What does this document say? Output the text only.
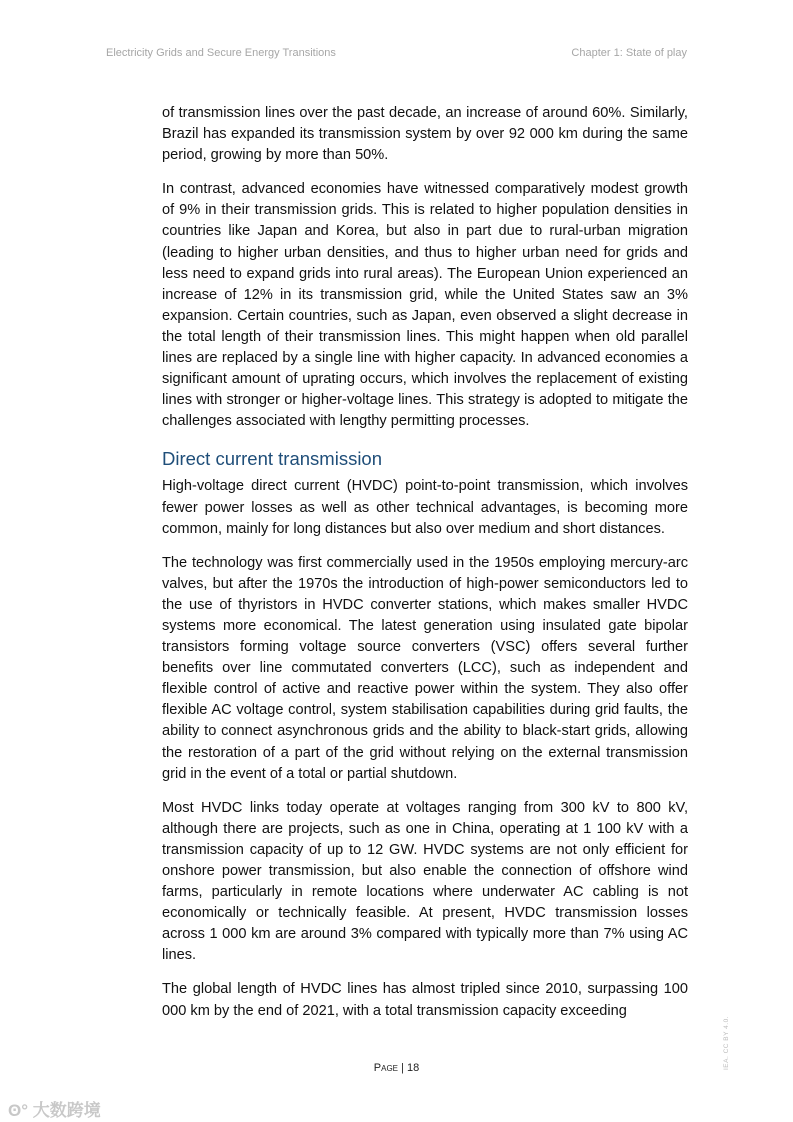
Electricity Grids and Secure Energy Transitions	Chapter 1: State of play

of transmission lines over the past decade, an increase of around 60%. Similarly, Brazil has expanded its transmission system by over 92 000 km during the same period, growing by more than 50%.

In contrast, advanced economies have witnessed comparatively modest growth of 9% in their transmission grids. This is related to higher population densities in countries like Japan and Korea, but also in part due to rural-urban migration (leading to higher urban densities, and thus to higher urban need for grids and less need to expand grids into rural areas). The European Union experienced an increase of 12% in its transmission grid, while the United States saw an 3% expansion. Certain countries, such as Japan, even observed a slight decrease in the total length of their transmission lines. This might happen when old parallel lines are replaced by a single line with higher capacity. In advanced economies a significant amount of uprating occurs, which involves the replacement of existing lines with stronger or higher-voltage lines. This strategy is adopted to mitigate the challenges associated with lengthy permitting processes.

Direct current transmission

High-voltage direct current (HVDC) point-to-point transmission, which involves fewer power losses as well as other technical advantages, is becoming more common, mainly for long distances but also over medium and short distances.

The technology was first commercially used in the 1950s employing mercury-arc valves, but after the 1970s the introduction of high-power semiconductors led to the use of thyristors in HVDC converter stations, which makes smaller HVDC systems more economical. The latest generation using insulated gate bipolar transistors forming voltage source converters (VSC) offers several further benefits over line commutated converters (LCC), such as independent and flexible control of active and reactive power within the system. They also offer flexible AC voltage control, system stabilisation capabilities during grid faults, the ability to connect asynchronous grids and the ability to black-start grids, allowing the restoration of a part of the grid without relying on the external transmission grid in the event of a total or partial shutdown.

Most HVDC links today operate at voltages ranging from 300 kV to 800 kV, although there are projects, such as one in China, operating at 1 100 kV with a transmission capacity of up to 12 GW. HVDC systems are not only efficient for onshore power transmission, but also enable the connection of offshore wind farms, particularly in remote locations where underwater AC cabling is not economically or technically feasible. At present, HVDC transmission losses across 1 000 km are around 3% compared with typically more than 7% using AC lines.

The global length of HVDC lines has almost tripled since 2010, surpassing 100 000 km by the end of 2021, with a total transmission capacity exceeding

Page | 18	IEA. CC BY 4.0.
ʘ° 大数跨境
